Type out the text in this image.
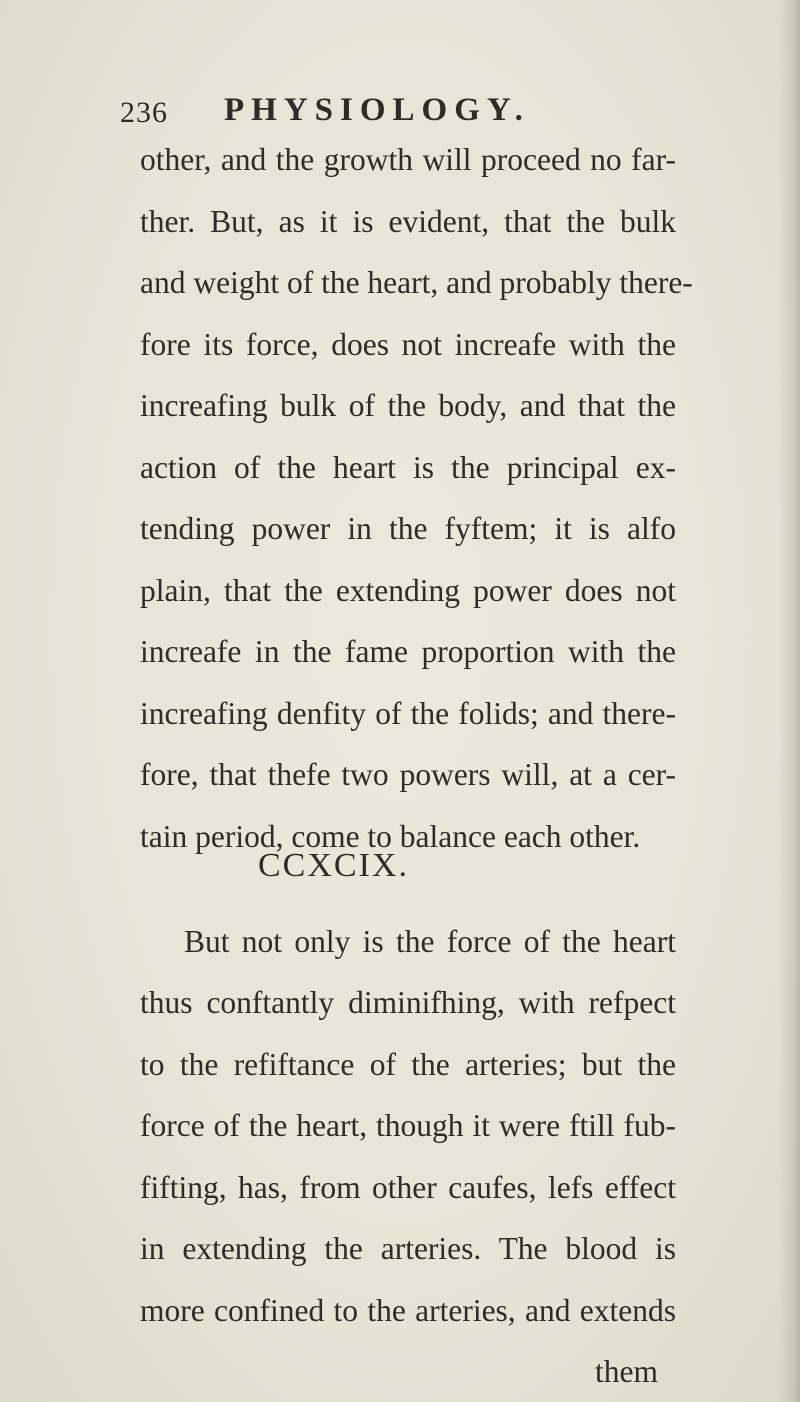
236 PHYSIOLOGY.
other, and the growth will proceed no far-
ther. But, as it is evident, that the bulk
and weight of the heart, and probably there-
fore its force, does not increafe with the
increafing bulk of the body, and that the
action of the heart is the principal ex-
tending power in the fyftem; it is alfo
plain, that the extending power does not
increafe in the fame proportion with the
increafing denfity of the folids; and there-
fore, that thefe two powers will, at a cer-
tain period, come to balance each other.
CCXCIX.
But not only is the force of the heart
thus conftantly diminifhing, with refpect
to the refiftance of the arteries; but the
force of the heart, though it were ftill fub-
fifting, has, from other caufes, lefs effect
in extending the arteries. The blood is
more confined to the arteries, and extends
them
